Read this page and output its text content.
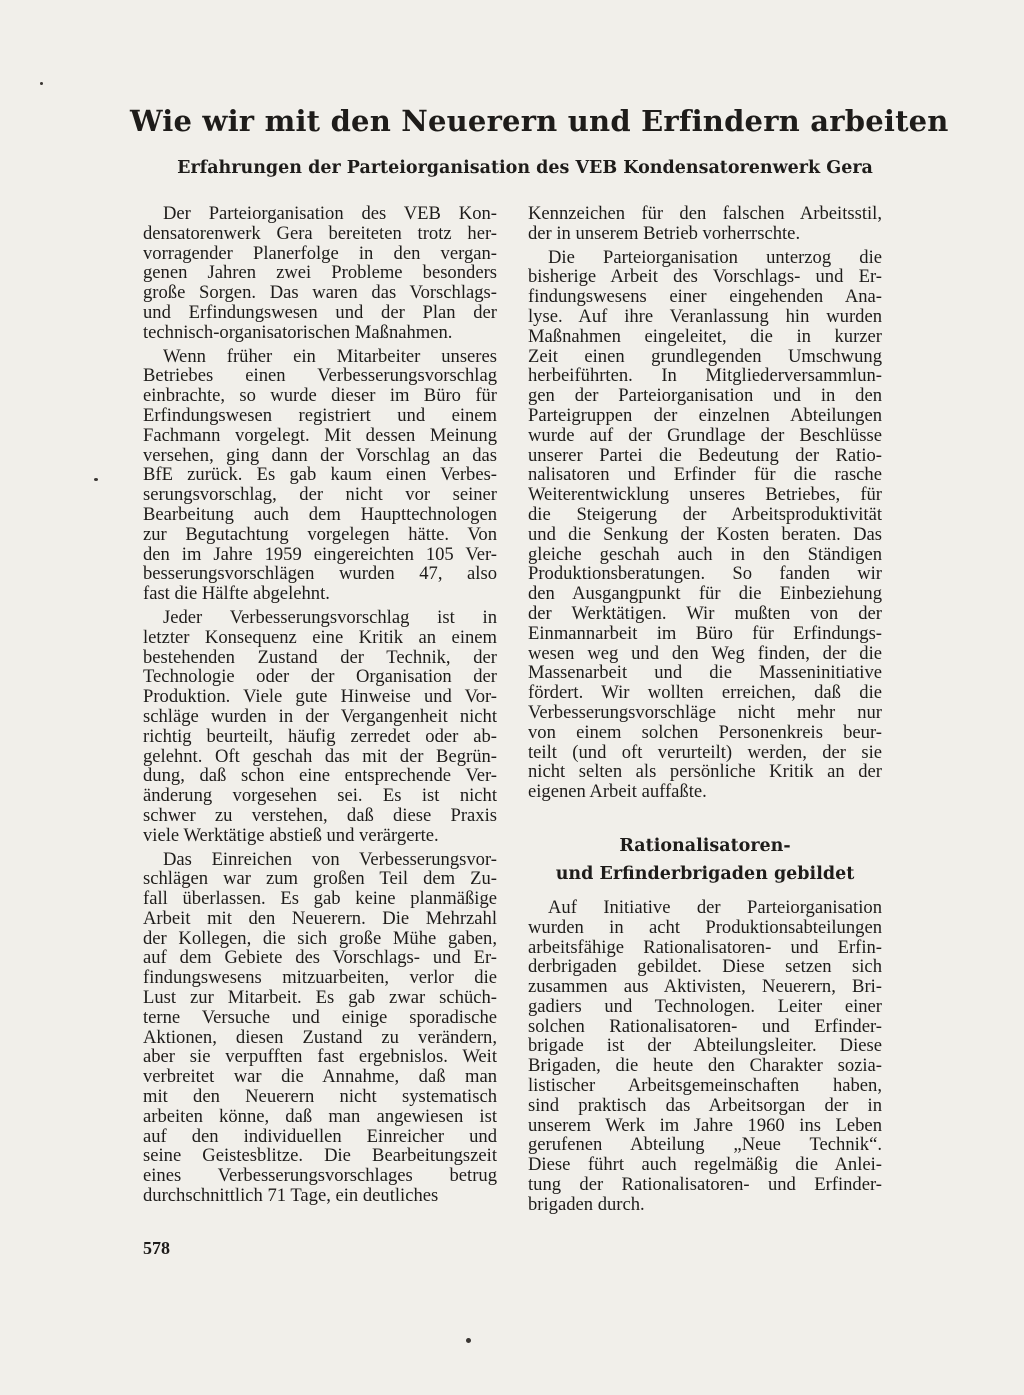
Wie wir mit den Neuerern und Erfindern arbeiten
Erfahrungen der Parteiorganisation des VEB Kondensatorenwerk Gera
Der Parteiorganisation des VEB Kon-
densatorenwerk Gera bereiteten trotz her-
vorragender Planerfolge in den vergan-
genen Jahren zwei Probleme besonders
große Sorgen. Das waren das Vorschlags-
und Erfindungswesen und der Plan der
technisch-organisatorischen Maßnahmen.
Wenn früher ein Mitarbeiter unseres
Betriebes einen Verbesserungsvorschlag
einbrachte, so wurde dieser im Büro für
Erfindungswesen registriert und einem
Fachmann vorgelegt. Mit dessen Meinung
versehen, ging dann der Vorschlag an das
BfE zurück. Es gab kaum einen Verbes-
serungsvorschlag, der nicht vor seiner
Bearbeitung auch dem Haupttechnologen
zur Begutachtung vorgelegen hätte. Von
den im Jahre 1959 eingereichten 105 Ver-
besserungsvorschlägen wurden 47, also
fast die Hälfte abgelehnt.
Jeder Verbesserungsvorschlag ist in
letzter Konsequenz eine Kritik an einem
bestehenden Zustand der Technik, der
Technologie oder der Organisation der
Produktion. Viele gute Hinweise und Vor-
schläge wurden in der Vergangenheit nicht
richtig beurteilt, häufig zerredet oder ab-
gelehnt. Oft geschah das mit der Begrün-
dung, daß schon eine entsprechende Ver-
änderung vorgesehen sei. Es ist nicht
schwer zu verstehen, daß diese Praxis
viele Werktätige abstieß und verärgerte.
Das Einreichen von Verbesserungsvor-
schlägen war zum großen Teil dem Zu-
fall überlassen. Es gab keine planmäßige
Arbeit mit den Neuerern. Die Mehrzahl
der Kollegen, die sich große Mühe gaben,
auf dem Gebiete des Vorschlags- und Er-
findungswesens mitzuarbeiten, verlor die
Lust zur Mitarbeit. Es gab zwar schüch-
terne Versuche und einige sporadische
Aktionen, diesen Zustand zu verändern,
aber sie verpufften fast ergebnislos. Weit
verbreitet war die Annahme, daß man
mit den Neuerern nicht systematisch
arbeiten könne, daß man angewiesen ist
auf den individuellen Einreicher und
seine Geistesblitze. Die Bearbeitungszeit
eines Verbesserungsvorschlages betrug
durchschnittlich 71 Tage, ein deutliches
Kennzeichen für den falschen Arbeitsstil,
der in unserem Betrieb vorherrschte.
Die Parteiorganisation unterzog die
bisherige Arbeit des Vorschlags- und Er-
findungswesens einer eingehenden Ana-
lyse. Auf ihre Veranlassung hin wurden
Maßnahmen eingeleitet, die in kurzer
Zeit einen grundlegenden Umschwung
herbeiführten. In Mitgliederversammlun-
gen der Parteiorganisation und in den
Parteigruppen der einzelnen Abteilungen
wurde auf der Grundlage der Beschlüsse
unserer Partei die Bedeutung der Ratio-
nalisatoren und Erfinder für die rasche
Weiterentwicklung unseres Betriebes, für
die Steigerung der Arbeitsproduktivität
und die Senkung der Kosten beraten. Das
gleiche geschah auch in den Ständigen
Produktionsberatungen. So fanden wir
den Ausgangpunkt für die Einbeziehung
der Werktätigen. Wir mußten von der
Einmannarbeit im Büro für Erfindungs-
wesen weg und den Weg finden, der die
Massenarbeit und die Masseninitiative
fördert. Wir wollten erreichen, daß die
Verbesserungsvorschläge nicht mehr nur
von einem solchen Personenkreis beur-
teilt (und oft verurteilt) werden, der sie
nicht selten als persönliche Kritik an der
eigenen Arbeit auffaßte.
Rationalisatoren-
und Erfinderbrigaden gebildet
Auf Initiative der Parteiorganisation
wurden in acht Produktionsabteilungen
arbeitsfähige Rationalisatoren- und Erfin-
derbrigaden gebildet. Diese setzen sich
zusammen aus Aktivisten, Neuerern, Bri-
gadiers und Technologen. Leiter einer
solchen Rationalisatoren- und Erfinder-
brigade ist der Abteilungsleiter. Diese
Brigaden, die heute den Charakter sozia-
listischer Arbeitsgemeinschaften haben,
sind praktisch das Arbeitsorgan der in
unserem Werk im Jahre 1960 ins Leben
gerufenen Abteilung „Neue Technik“.
Diese führt auch regelmäßig die Anlei-
tung der Rationalisatoren- und Erfinder-
brigaden durch.
578
